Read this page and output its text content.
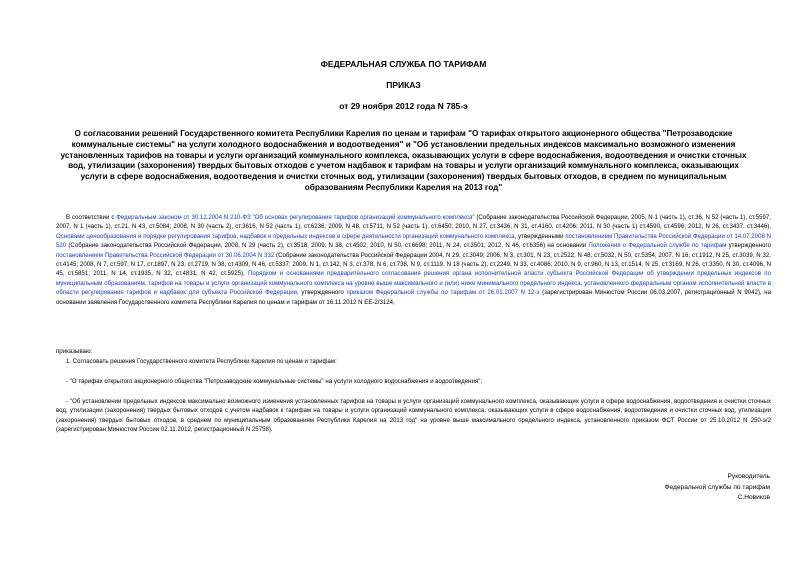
ФЕДЕРАЛЬНАЯ СЛУЖБА ПО ТАРИФАМ
ПРИКАЗ
от 29 ноября 2012 года N 785-э
О согласовании решений Государственного комитета Республики Карелия по ценам и тарифам "О тарифах открытого акционерного общества "Петрозаводские коммунальные системы" на услуги холодного водоснабжения и водоотведения" и "Об установлении предельных индексов максимально возможного изменения установленных тарифов на товары и услуги организаций коммунального комплекса, оказывающих услуги в сфере водоснабжения, водоотведения и очистки сточных вод, утилизации (захоронения) твердых бытовых отходов с учетом надбавок к тарифам на товары и услуги организаций коммунального комплекса, оказывающих услуги в сфере водоснабжения, водоотведения и очистки сточных вод, утилизации (захоронения) твердых бытовых отходов, в среднем по муниципальным образованиям Республики Карелия на 2013 год"
В соответствии с Федеральным законом от 30.12.2004 N 210-ФЗ "Об основах регулирования тарифов организаций коммунального комплекса" (Собрание законодательства Российской Федерации, 2005, N 1 (часть 1), ст.36, N 52 (часть 1), ст.5597; 2007, N 1 (часть 1), ст.21, N 43, ст.5084; 2008, N 30 (часть 2), ст.3616, N 52 (часть 1), ст.6236; 2009, N 48, ст.5711, N 52 (часть 1), ст.6450; 2010, N 27, ст.3436, N 31, ст.4160, ст.4206; 2011, N 30 (часть 1) ст.4590, ст.4596; 2012, N 26, ст.3437, ст.3446), Основами ценообразования и порядке регулирования тарифов, надбавок и предельных индексов в сфере деятельности организаций коммунального комплекса, утвержденными постановлением Правительства Российской Федерации от 14.07.2008 N 520 (Собрание законодательства Российской Федерации, 2008, N 29 (часть 2), ст.3518; 2009, N 38, ст.4502; 2010, N 50, ст.6698; 2011, N 24, ст.3501; 2012, N 46, ст.6356) на основании Положения о Федеральной службе по тарифам утвержденного постановлением Правительства Российской Федерации от 30.06.2004 N 332 (Собрание законодательства Российской Федерации 2004, N 29, ст.3049; 2006, N 3, ст.301, N 23, ст.2522, N 48, ст.5032, N 50, ст.5354; 2007, N 16, ст.1912, N 25, ст.3039, N 32, ст.4145; 2008, N 7, ст.597, N 17, ст.1897, N 23, ст.2719, N 38, ст.4309, N 46, ст.5337; 2009, N 1, ст.142, N 3, ст.378, N 6, ст.738, N 9, ст.1119, N 18 (часть 2), ст.2249, N 33, ст.4086; 2010, N 9, ст.960, N 13, ст.1514, N 25, ст.3169, N 26, ст.3350, N 30, ст.4096, N 45, ст.5851; 2011, N 14, ст.1935, N 32, ст.4831, N 42, ст.5925), Порядком и основаниями предварительного согласования решения органа исполнительной власти субъекта Российской Федерации об утверждении предельных индексов по муниципальным образованиям, тарифов на товары и услуги организаций коммунального комплекса на уровне выше максимального и (или) ниже минимального предельного индекса, установленного федеральным органом исполнительной власти в области регулирования тарифов и надбавок для субъекта Российской Федерации, утвержденного приказом Федеральной службы по тарифам от 26.01.2007 N 12-э (зарегистрирован Минюстом России 06.03.2007, регистрационный N 9042), на основании заявления Государственного комитета Республики Карелия по ценам и тарифам от 16.11.2012 N ЕЕ-2/3124,
приказываю:
1. Согласовать решения Государственного комитета Республики Карелия по ценам и тарифам:
- "О тарифах открытого акционерного общества "Петрозаводские коммунальные системы" на услуги холодного водоснабжения и водоотведения";
- "Об установлении предельных индексов максимально возможного изменения установленных тарифов на товары и услуги организаций коммунального комплекса, оказывающих услуги в сфере водоснабжения, водоотведения и очистки сточных вод, утилизации (захоронения) твердых бытовых отходов с учетом надбавок к тарифам на товары и услуги организаций коммунального комплекса, оказывающих услуги в сфере водоснабжения, водоотведения и очистки сточных вод, утилизации (захоронения) твердых бытовых отходов, в среднем по муниципальным образованиям Республики Карелия на 2013 год" на уровне выше максимального предельного индекса, установленного приказом ФСТ России от 25.10.2012 N 250-э/2 (зарегистрирован Минюстом России 02.11.2012, регистрационный N 25758).
Руководитель
Федеральной службы по тарифам
С.Новиков
